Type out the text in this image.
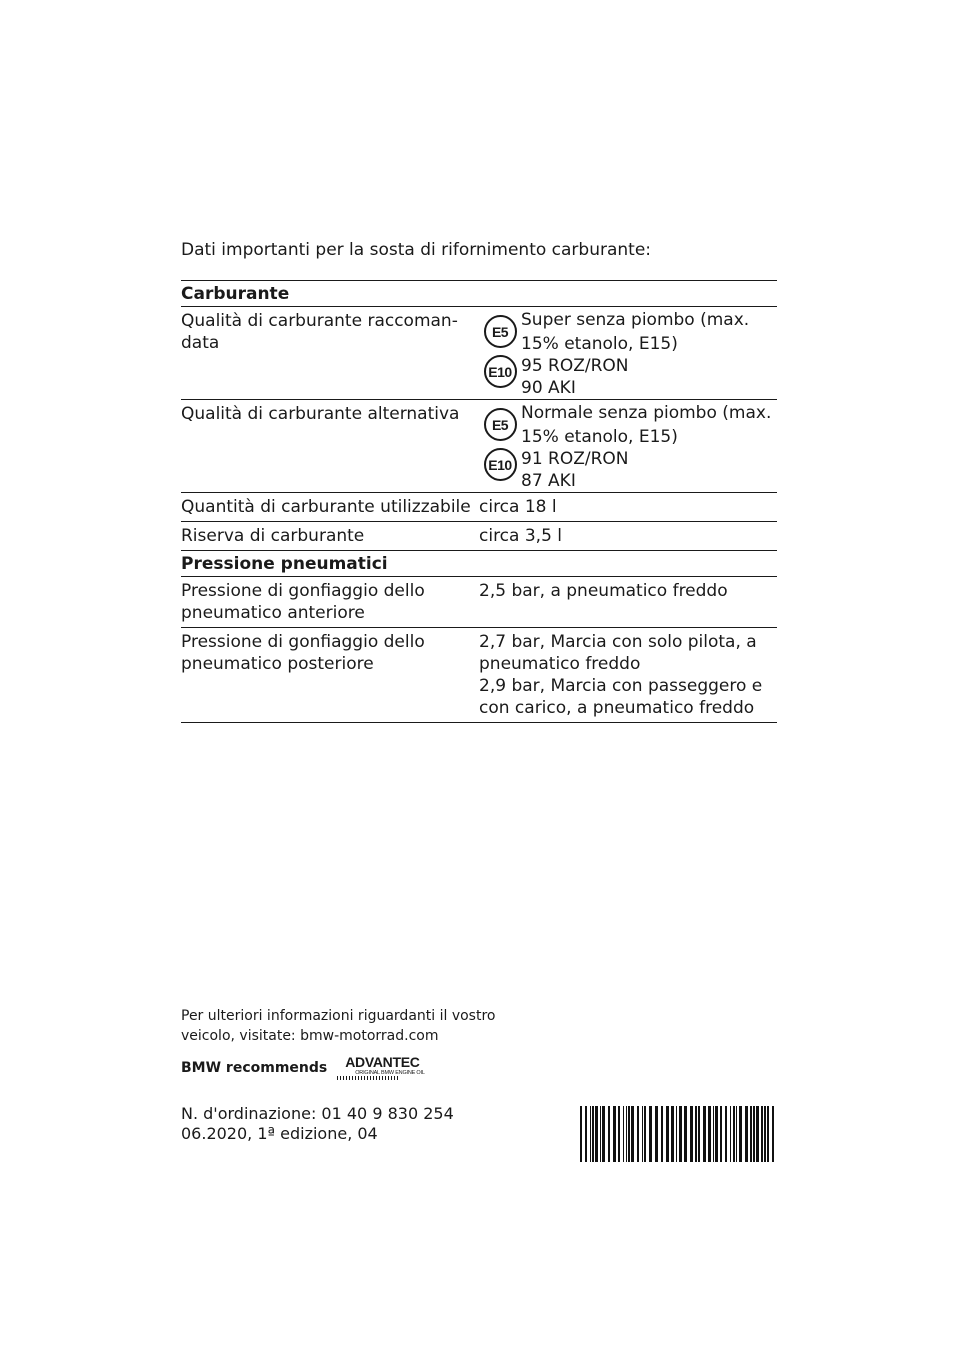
Dati importanti per la sosta di rifornimento carburante:
Carburante
Qualità di carburante raccoman-
data
E5
E10
Super senza piombo (max.
15% etanolo, E15)
95 ROZ/RON
90 AKI
Qualità di carburante alternativa
E5
E10
Normale senza piombo (max.
15% etanolo, E15)
91 ROZ/RON
87 AKI
Quantità di carburante utilizzabile circa 18 l
Riserva di carburante	circa 3,5 l
Pressione pneumatici
Pressione di gonfiaggio dello
pneumatico anteriore
2,5 bar, a pneumatico freddo
Pressione di gonfiaggio dello
pneumatico posteriore
2,7 bar, Marcia con solo pilota, a
pneumatico freddo
2,9 bar, Marcia con passeggero e
con carico, a pneumatico freddo
Per ulteriori informazioni riguardanti il vostro
veicolo, visitate: bmw-motorrad.com
BMW recommends ADVANTEC
ORIGINAL BMW ENGINE OIL
N. d'ordinazione: 01 40 9 830 254
06.2020, 1ª edizione, 04
